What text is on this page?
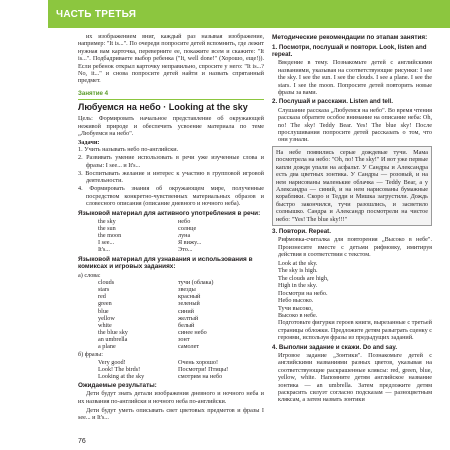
ЧАСТЬ ТРЕТЬЯ

их изображением вниг, каждый раз называя изображение, например: "It is...". По очереди попросите детей вспомнить, где лежит нужная вам карточка, переверните ее, покажите всем и скажите: "It is...". Подбадриваете выбор ребенка ("It, well done!" (Хорошо, еще!)). Если ребенок открыл карточку неправильно, спросите у него: "It is...? No, it..." и снова попросите детей найти и назвать спрятанный предмет.

Занятие 4
Любуемся на небо · Looking at the sky

Цель: Формировать начальное представление об окружающей неживой природе и обеспечить усвоение материала по теме „Любуемся на небо".

Задачи:
1. Учить называть небо по-английски.
2. Развивать умение использовать в речи уже изученные слова и фразы: I see... и It's...
3. Воспитывать желание и интерес к участию в групповой игровой деятельности.
4. Формировать знания об окружающем мире, полученные посредством конкретно-чувственных материальных образов и словесного описания (описание дневного и ночного неба).
Языковой материал для активного употребления в речи:
the sky	небо
the sun	солнце
the moon	луна
I see...	Я вижу...
It's...	Это...
Языковой материал для узнавания и использования в комиксах и игровых заданиях:
а) слова:
clouds	тучи (облака)
stars	звезды
red	красный
green	зеленый
blue	синий
yellow	желтый
white	белый
the blue sky	синее небо
an umbrella	зонт
a plane	самолет
б) фразы:
Very good!	Очень хорошо!
Look! The birds!	Посмотри! Птицы!
Looking at the sky	смотрим на небо
Ожидаемые результаты:

Дети будут знать детали изображения дневного и ночного неба и их названия по-английски и ночного неба по-английски.

Дети будут уметь описывать свет цветовых предметов и фразы I see... и It's...

Методические рекомендации по этапам занятия:
1. Посмотри, послушай и повтори. Look, listen and repeat.

Введение в тему. Познакомьте детей с английскими названиями, указывая на соответствующие рисунки: I see the sky. I see the sun. I see the clouds. I see a plane. I see the stars. I see the moon. Попросите детей повторить новые фразы за вами.

2. Послушай и расскажи. Listen and tell.

Слушание рассказа „Любуемся на небо". Во время чтения рассказа обратите особое внимание на описание неба: Oh, no! The sky! Teddy Bear. Yes! The blue sky! После прослушивания попросите детей рассказать о том, что они узнали.

На небе появились серые дождевые тучи. Мама посмотрела на небо: "Oh, no! The sky!" И вот уже первые капли дождя упали на асфальт. У Сандры и Александра есть два цветных зонтика. У Сандры — розовый, и на нем нарисованы маленькие облачка — Teddy Bear, а у Александра — синий, и на нем нарисованы бумажные кораблики. Скоро и Тедди и Мишка загрустили. Дождь быстро закончился, тучи разошлись, и засветило солнышко. Сандра и Александр посмотрели на чистое небо: "Yes! The blue sky!!!"
3. Повтори. Repeat.

Рифмовка-считалка для повторения „Высоко в небе". Произнесите вместе с детьми рифмовку, имитируя действия в соответствии с текстом.

Look at the sky.

The sky is high.

The clouds are high,

High in the sky.

Посмотри на небо.

Небо высоко.

Тучи высоко,

Высоко в небе.

Подготовьте фигурки героев книги, вырезанные с третьей страницы обложки. Предложите детям разыграть сценку с героями, используя фразы из предыдущих заданий.

4. Выполни задание и скажи. Do and say.

Игровое задание „Зонтики". Познакомьте детей с английскими названиями разных цветов, указывая на соответствующие раскрашенные кляксы: red, green, blue, yellow, white. Напомните детям английское название зонтика — an umbrella. Затем предложите детям раскрасить силуэт согласно подсказам — разноцветным кляксам, а затем назвать зонтики

76
